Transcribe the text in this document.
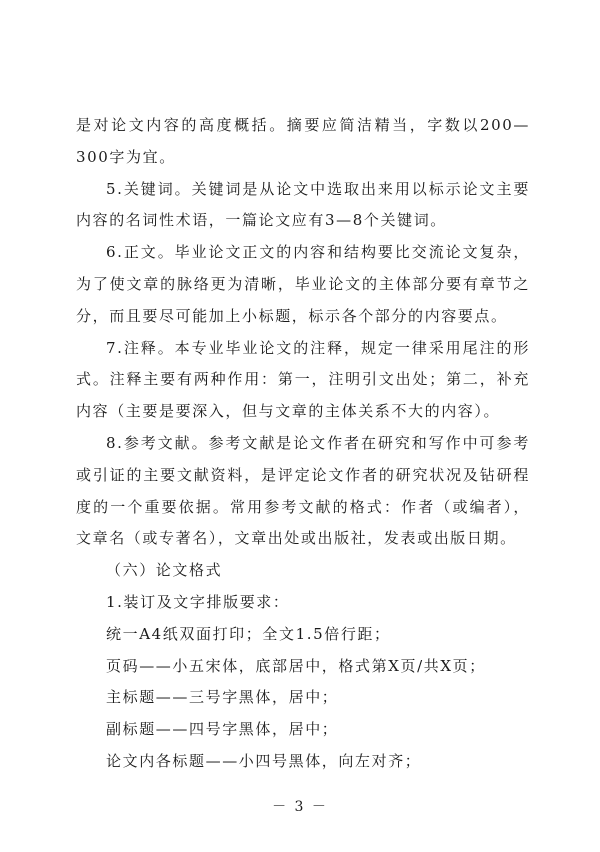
是对论文内容的高度概括。摘要应简洁精当，字数以200—300字为宜。

5.关键词。关键词是从论文中选取出来用以标示论文主要内容的名词性术语，一篇论文应有3—8个关键词。

6.正文。毕业论文正文的内容和结构要比交流论文复杂，为了使文章的脉络更为清晰，毕业论文的主体部分要有章节之分，而且要尽可能加上小标题，标示各个部分的内容要点。

7.注释。本专业毕业论文的注释，规定一律采用尾注的形式。注释主要有两种作用：第一，注明引文出处；第二，补充内容（主要是要深入，但与文章的主体关系不大的内容）。

8.参考文献。参考文献是论文作者在研究和写作中可参考或引证的主要文献资料，是评定论文作者的研究状况及钻研程度的一个重要依据。常用参考文献的格式：作者（或编者），文章名（或专著名），文章出处或出版社，发表或出版日期。

（六）论文格式

1.装订及文字排版要求：

统一A4纸双面打印；全文1.5倍行距；

页码——小五宋体，底部居中，格式第X页/共X页；

主标题——三号字黑体，居中；

副标题——四号字黑体，居中；

论文内各标题——小四号黑体，向左对齐；

－ 3 －
